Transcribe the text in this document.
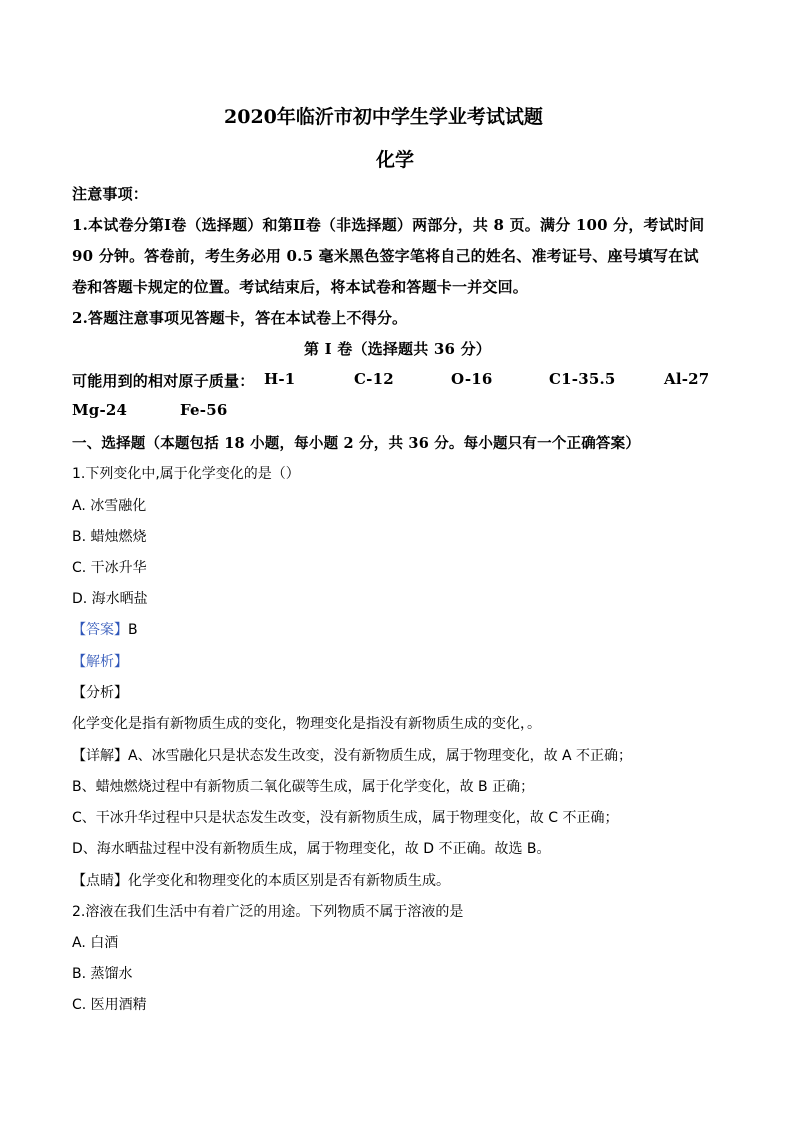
2020年临沂市初中学生学业考试试题
化学
注意事项：
1.本试卷分第Ⅰ卷（选择题）和第Ⅱ卷（非选择题）两部分，共 8 页。满分 100 分，考试时间
90 分钟。答卷前，考生务必用 0.5 毫米黑色签字笔将自己的姓名、准考证号、座号填写在试
卷和答题卡规定的位置。考试结束后，将本试卷和答题卡一并交回。
2.答题注意事项见答题卡，答在本试卷上不得分。
第 I 卷（选择题共 36 分）
可能用到的相对原子质量： H-1	C-12	O-16	C1-35.5	Al-27
Mg-24	Fe-56
一、选择题（本题包括 18 小题，每小题 2 分，共 36 分。每小题只有一个正确答案）
1.下列变化中,属于化学变化的是（）
A. 冰雪融化
B. 蜡烛燃烧
C. 干冰升华
D. 海水晒盐
【答案】B
【解析】
【分析】
化学变化是指有新物质生成的变化，物理变化是指没有新物质生成的变化，。
【详解】A、冰雪融化只是状态发生改变，没有新物质生成，属于物理变化，故 A 不正确；
B、蜡烛燃烧过程中有新物质二氧化碳等生成，属于化学变化，故 B 正确；
C、干冰升华过程中只是状态发生改变，没有新物质生成，属于物理变化，故 C 不正确；
D、海水晒盐过程中没有新物质生成，属于物理变化，故 D 不正确。故选 B。
【点睛】化学变化和物理变化的本质区别是否有新物质生成。
2.溶液在我们生活中有着广泛的用途。下列物质不属于溶液的是
A. 白酒
B. 蒸馏水
C. 医用酒精
